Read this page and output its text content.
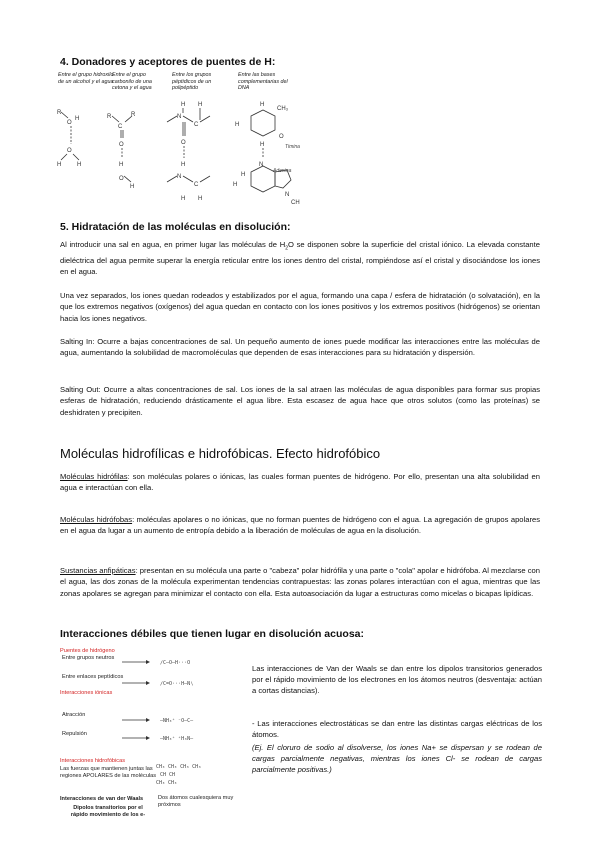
4. Donadores y aceptores de puentes de H:
Entre el grupo hidroxilo de un alcohol y el agua
Entre el grupo carbonilo de una cetona y el agua
Entre los grupos péptidicos de un polipéptido
Entre las bases complementarias del DNA
R
O
H
O
H	H
R
C
R
O
H
O
H
H H
N
C
O
H
N
C
H H
H
CH₃
H
O
H
N
H
H
N
CH
Timina
Adenina
5. Hidratación de las moléculas en disolución:

Al introducir una sal en agua, en primer lugar las moléculas de $H_2O$ se disponen sobre la superficie del cristal iónico. La elevada constante dieléctrica del agua permite superar la energía reticular entre los iones dentro del cristal, rompiéndose así el cristal y disociándose los iones en el agua.

Una vez separados, los iones quedan rodeados y estabilizados por el agua, formando una capa / esfera de hidratación (o solvatación), en la que los extremos negativos (oxígenos) del agua quedan en contacto con los iones positivos y los extremos positivos (hidrógenos) se orientan hacia los iones negativos.

Salting In: Ocurre a bajas concentraciones de sal. Un pequeño aumento de iones puede modificar las interacciones entre las moléculas de agua, aumentando la solubilidad de macromoléculas que dependen de esas interacciones para su hidratación y dispersión.

Salting Out: Ocurre a altas concentraciones de sal. Los iones de la sal atraen las moléculas de agua disponibles para formar sus propias esferas de hidratación, reduciendo drásticamente el agua libre. Esta escasez de agua hace que otros solutos (como las proteínas) se deshidraten y precipiten.

Moléculas hidrofílicas e hidrofóbicas. Efecto hidrofóbico

Moléculas hidrófilas: son moléculas polares o iónicas, las cuales forman puentes de hidrógeno. Por ello, presentan una alta solubilidad en agua e interactúan con ella.

Moléculas hidrófobas: moléculas apolares o no iónicas, que no forman puentes de hidrógeno con el agua. La agregación de grupos apolares en el agua da lugar a un aumento de entropía debido a la liberación de moléculas de agua en la disolución.

Sustancias anfipáticas: presentan en su molécula una parte o "cabeza" polar hidrófila y una parte o "cola" apolar e hidrófoba. Al mezclarse con el agua, las dos zonas de la molécula experimentan tendencias contrapuestas: las zonas polares interactúan con el agua, mientras que las zonas apolares se agregan para minimizar el contacto con ella. Esta autoasociación da lugar a estructuras como micelas o bicapas lipídicas.

Interacciones débiles que tienen lugar en disolución acuosa:
Puentes de hidrógeno
Entre grupos neutros
Entre enlaces peptídicos
Interacciones iónicas
Atracción
Repulsión
Interacciones hidrofóbicas
Las fuerzas que mantienen juntas las regiones APOLARES de las moléculas
Interacciones de van der Waals
Dipolos transitorios por el rápido movimiento de los e-
Dos átomos cualesquiera muy próximos
∕C—O—H···O
∕C=O···H—N∖
—NH₃⁺ ⁻O—C—
—NH₃⁺ ⁺H₃N—
CH₃ CH₃ CH₃ CH₃
CH CH
CH₃ CH₃

Las interacciones de Van der Waals se dan entre los dipolos transitorios generados por el rápido movimiento de los electrones en los átomos neutros (desventaja: actúan a cortas distancias).

- Las interacciones electrostáticas se dan entre las distintas cargas eléctricas de los átomos.

(Ej. El cloruro de sodio al disolverse, los iones Na+ se dispersan y se rodean de cargas parcialmente negativas, mientras los iones Cl- se rodean de cargas parcialmente positivas.)
